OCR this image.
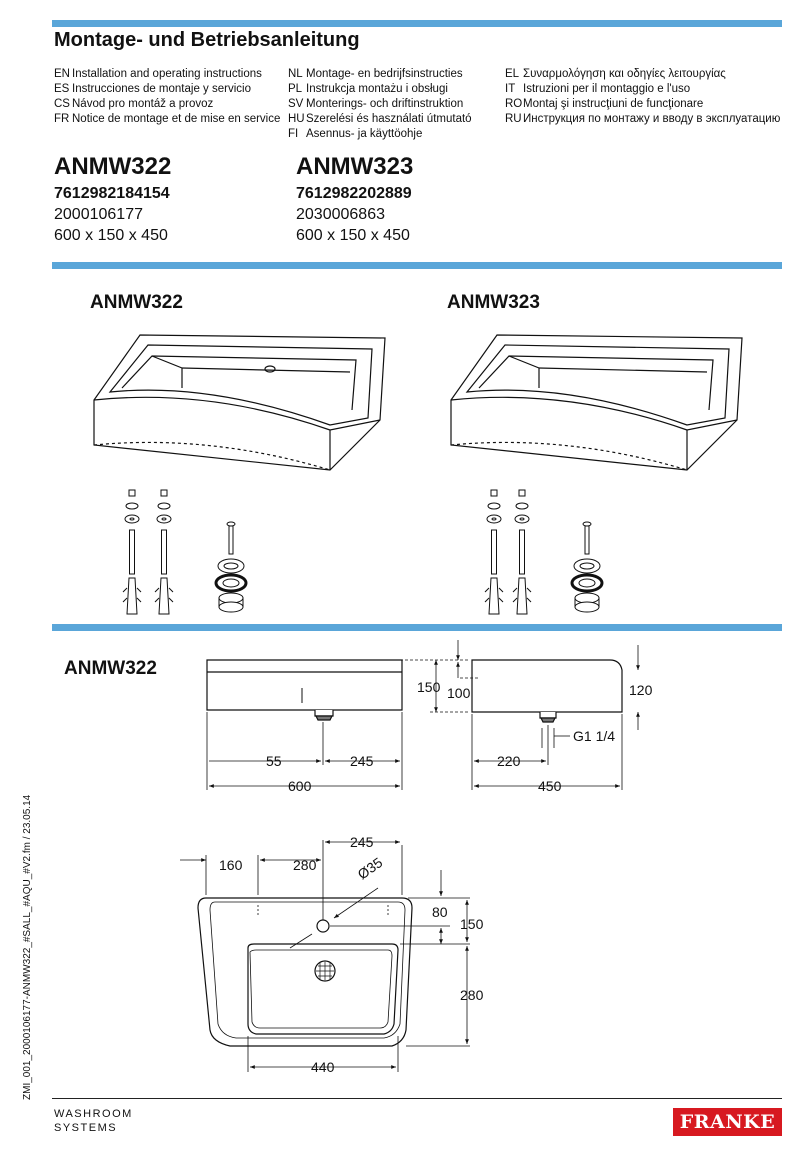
Montage- und Betriebsanleitung
EN Installation and operating instructions
ES Instrucciones de montaje y servicio
CS Návod pro montáž a provoz
FR Notice de montage et de mise en service
NL Montage- en bedrijfsinstructies
PL Instrukcja montażu i obsługi
SV Monterings- och driftinstruktion
HU Szerelési és használati útmutató
FI Asennus- ja käyttöohje
EL Συναρμολόγηση και οδηγίες λειτουργίας
IT Istruzioni per il montaggio e l'uso
RO Montaj şi instrucţiuni de funcţionare
RU Инструкция по монтажу и вводу в эксплуатацию
ANMW322
7612982184154
2000106177
600 x 150 x 450
ANMW323
7612982202889
2030006863
600 x 150 x 450
ANMW322	ANMW323
ANMW322
55	245
600
150 100	120
G1 1/4
220
450
245
160	280	Ø35
80
150
280
440
ZMI_001_2000106177-ANMW322_#SALL_#AQU_#V2.fm / 23.05.14
WASHROOM
SYSTEMS	FRANKE
